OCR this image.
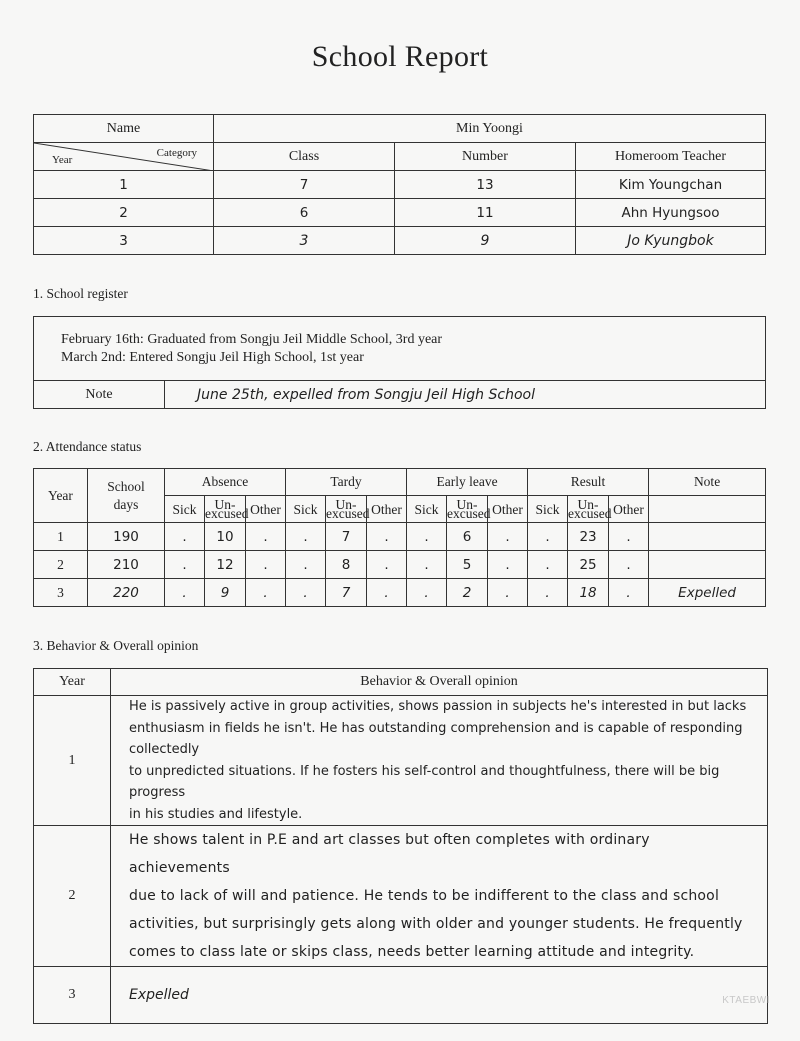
School Report
Name	Min Yoongi		

Category
Year	Class	Number	Homeroom Teacher
1	7	13	Kim Youngchan
2	6	11	Ahn Hyungsoo
3	3	9	Jo Kyungbok
1. School register
February 16th: Graduated from Songju Jeil Middle School, 3rd year
March 2nd: Entered Songju Jeil High School, 1st year

Note	June 25th, expelled from Songju Jeil High School
2. Attendance status
Year	School days	Absence			Tardy			Early leave			Result			Note
		Sick	Un-excused	Other	Sick	Un-excused	Other	Sick	Un-excused	Other	Sick	Un-excused	Other	
1	190	.	10	.	.	7	.	.	6	.	.	23	.	
2	210	.	12	.	.	8	.	.	5	.	.	25	.	
3	220	.	9	.	.	7	.	.	2	.	.	18	.	Expelled
3. Behavior & Overall opinion
Year	Behavior & Overall opinion
1	He is passively active in group activities, shows passion in subjects he's interested in but lacks
enthusiasm in fields he isn't. He has outstanding comprehension and is capable of responding collectedly
to unpredicted situations. If he fosters his self-control and thoughtfulness, there will be big progress
in his studies and lifestyle.

2	He shows talent in P.E and art classes but often completes with ordinary achievements
due to lack of will and patience. He tends to be indifferent to the class and school
activities, but surprisingly gets along with older and younger students. He frequently
comes to class late or skips class, needs better learning attitude and integrity.

3	Expelled	KTAEBWI
